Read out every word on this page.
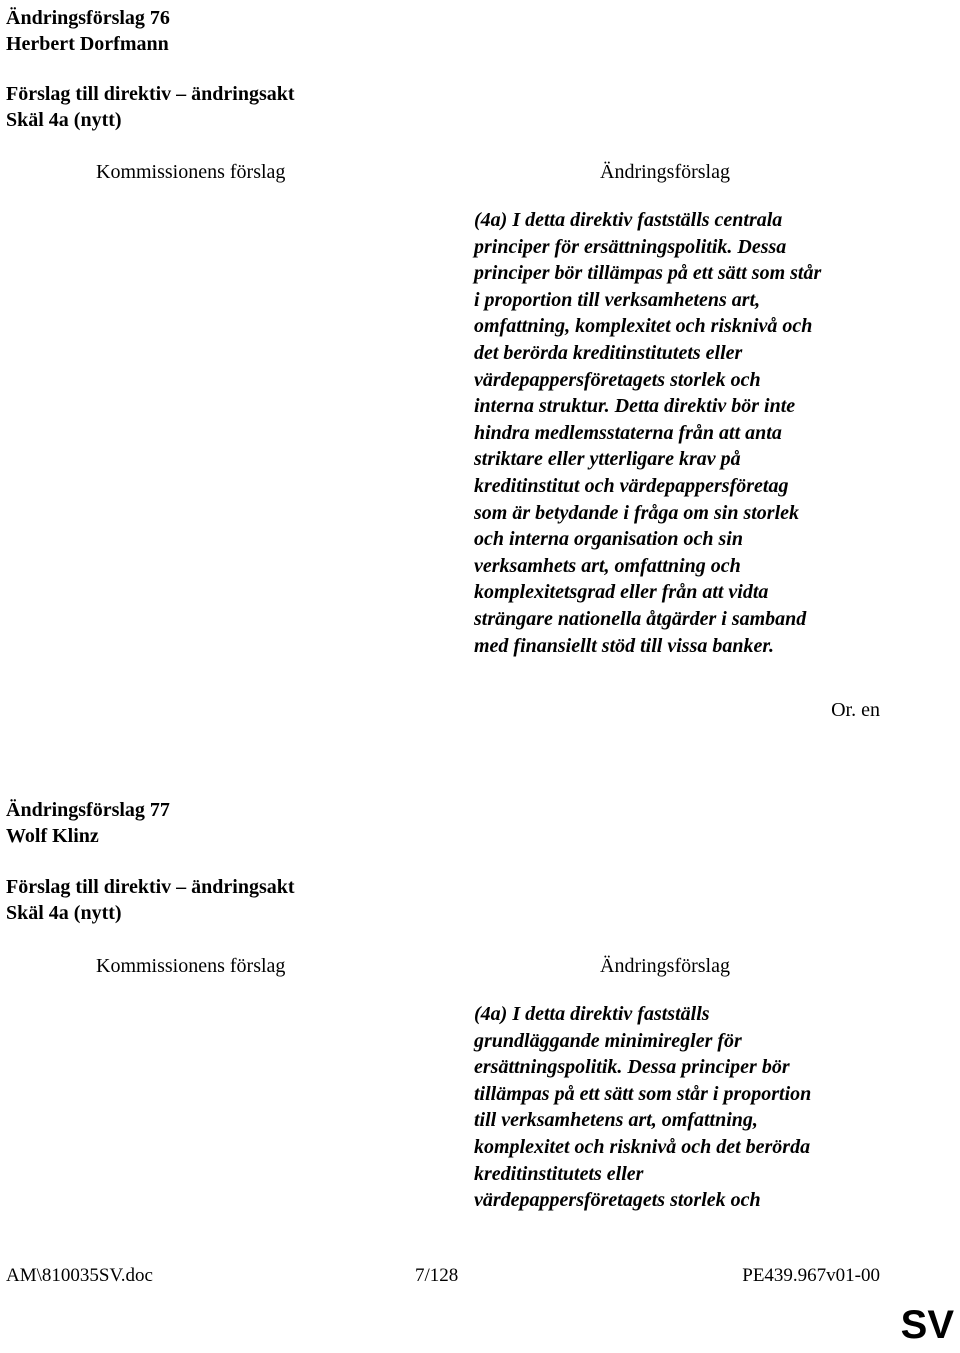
Ändringsförslag 76
Herbert Dorfmann
Förslag till direktiv – ändringsakt
Skäl 4a (nytt)
Kommissionens förslag	Ändringsförslag
(4a) I detta direktiv fastställs centrala
principer för ersättningspolitik. Dessa
principer bör tillämpas på ett sätt som står
i proportion till verksamhetens art,
omfattning, komplexitet och risknivå och
det berörda kreditinstitutets eller
värdepappersföretagets storlek och
interna struktur. Detta direktiv bör inte
hindra medlemsstaterna från att anta
striktare eller ytterligare krav på
kreditinstitut och värdepappersföretag
som är betydande i fråga om sin storlek
och interna organisation och sin
verksamhets art, omfattning och
komplexitetsgrad eller från att vidta
strängare nationella åtgärder i samband
med finansiellt stöd till vissa banker.
Or. en
Ändringsförslag 77
Wolf Klinz
Förslag till direktiv – ändringsakt
Skäl 4a (nytt)
Kommissionens förslag	Ändringsförslag
(4a) I detta direktiv fastställs
grundläggande minimiregler för
ersättningspolitik. Dessa principer bör
tillämpas på ett sätt som står i proportion
till verksamhetens art, omfattning,
komplexitet och risknivå och det berörda
kreditinstitutets eller
värdepappersföretagets storlek och
AM\810035SV.doc	7/128	PE439.967v01-00
SV
